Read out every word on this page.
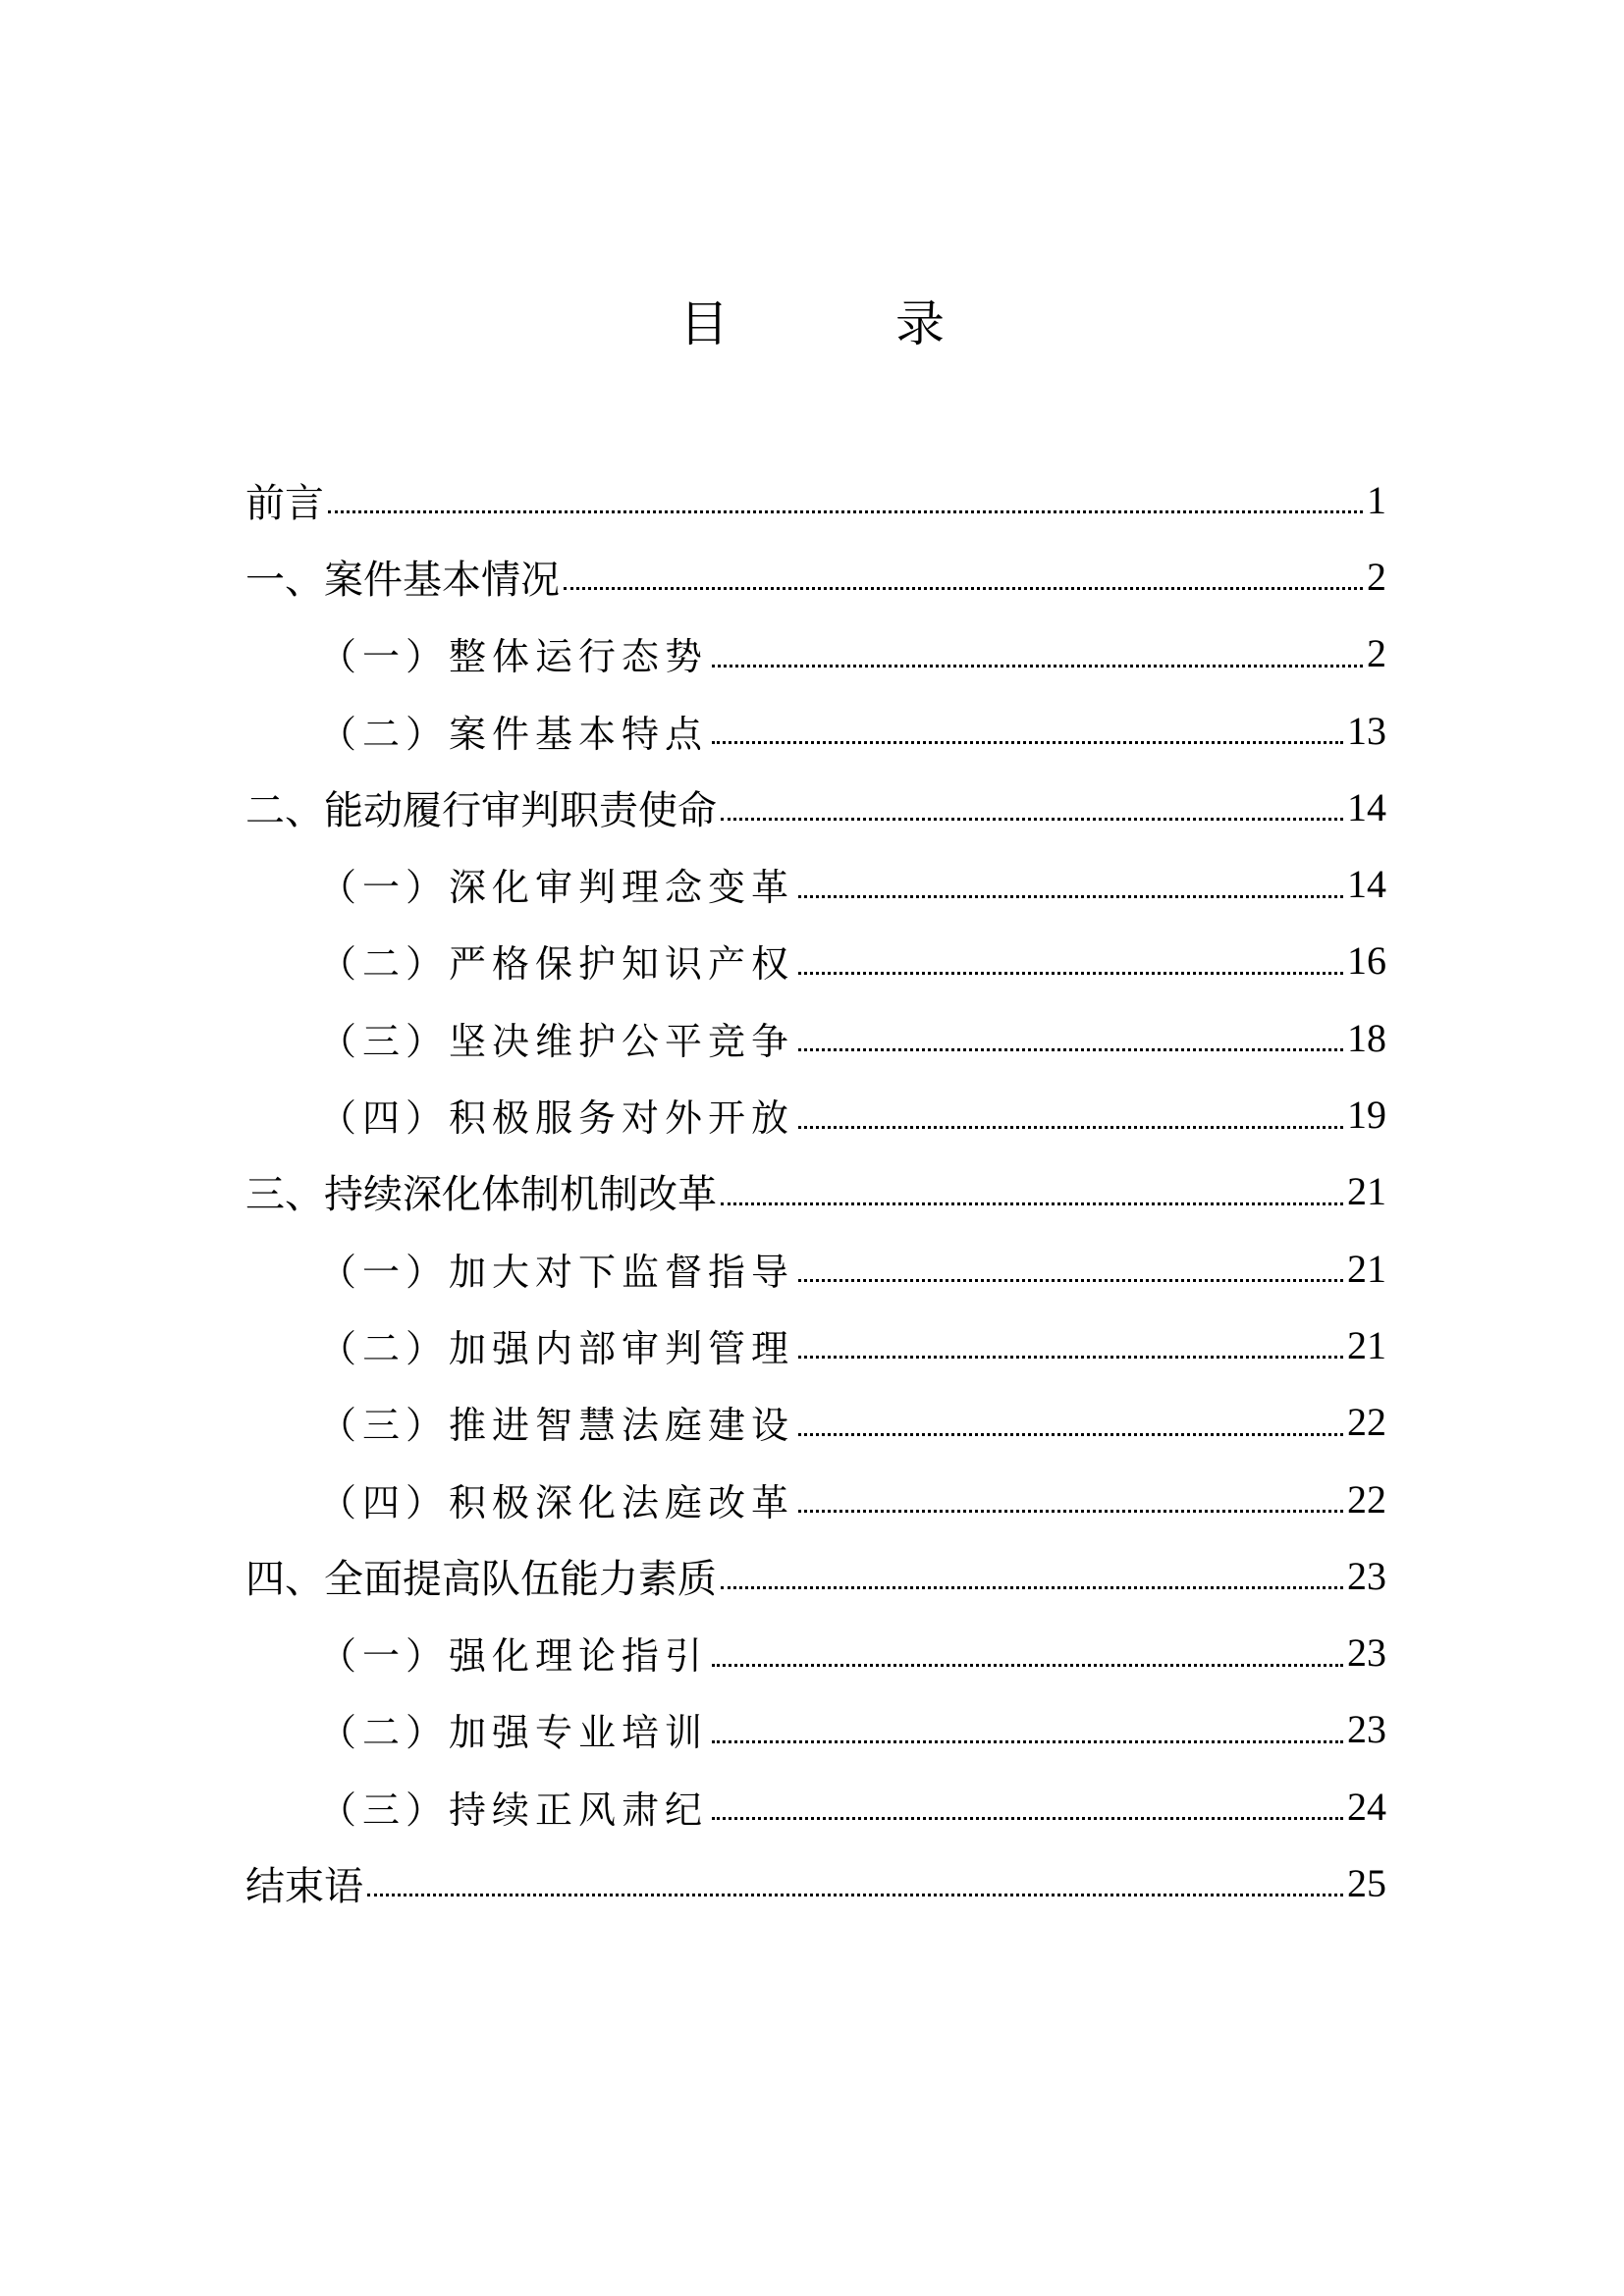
目　录
前言	1
一、案件基本情况	2
（一）整体运行态势	2
（二）案件基本特点	13
二、能动履行审判职责使命	14
（一）深化审判理念变革	14
（二）严格保护知识产权	16
（三）坚决维护公平竞争	18
（四）积极服务对外开放	19
三、持续深化体制机制改革	21
（一）加大对下监督指导	21
（二）加强内部审判管理	21
（三）推进智慧法庭建设	22
（四）积极深化法庭改革	22
四、全面提高队伍能力素质	23
（一）强化理论指引	23
（二）加强专业培训	23
（三）持续正风肃纪	24
结束语	25
